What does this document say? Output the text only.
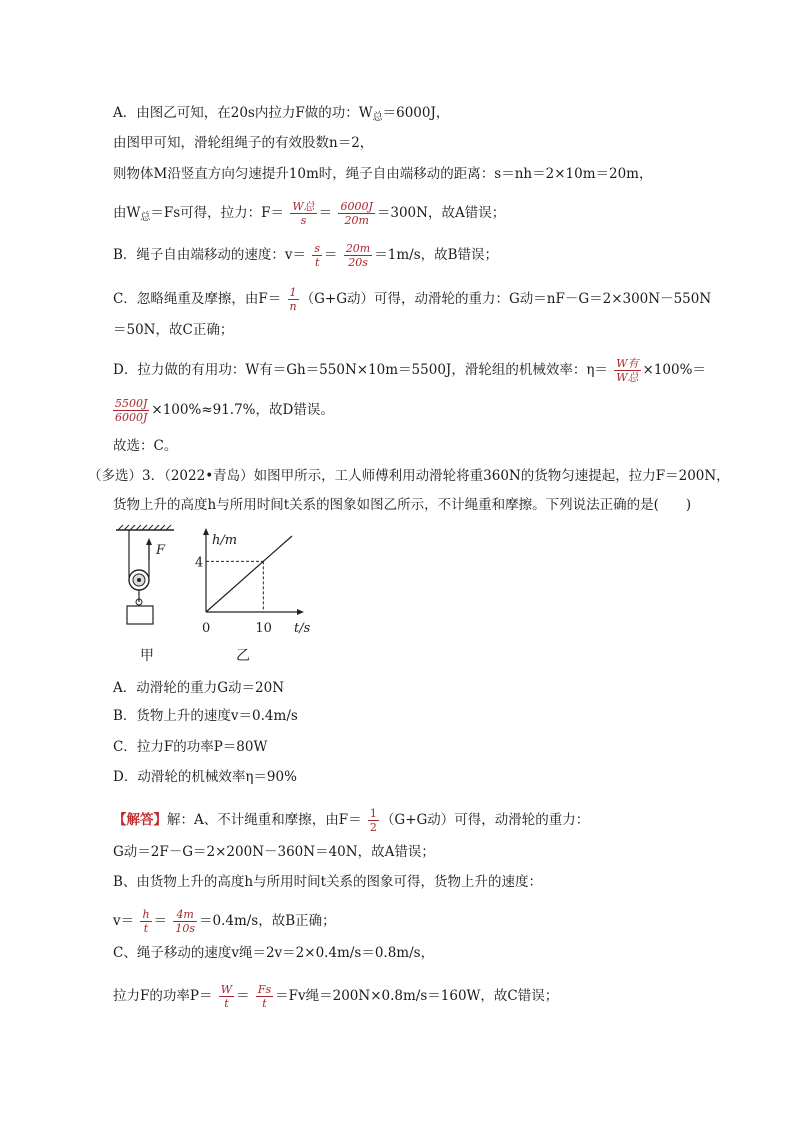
A．由图乙可知，在20s内拉力F做的功：$W_总=6000J$，
由图甲可知，滑轮组绳子的有效股数n＝2，
则物体M沿竖直方向匀速提升10m时，绳子自由端移动的距离：s＝nh＝2×10m＝20m，
由$W_总=Fs$可得，拉力：$F= \frac{\text{W总}}{s} = \frac{6000J}{20m} =300N$，故A错误；
B．绳子自由端移动的速度：$v= \frac{s}{t} = \frac{20m}{20s} =1m/s$，故B错误；
C．忽略绳重及摩擦，由$F= \frac{1}{n} (G+G$动）可得，动滑轮的重力：G动＝nF－G＝2×300N－550N
＝50N，故C正确；
D．拉力做的有用功：W有＝Gh＝550N×10m＝5500J，滑轮组的机械效率：$\eta= \frac{\text{W有}}{\text{W总}} \times 100\%=$
$\frac{5500J}{6000J} \times 100\%\approx 91.7\%$，故D错误。
故选：C。
（多选）3．（2022•青岛）如图甲所示，工人师傅利用动滑轮将重360N的货物匀速提起，拉力F＝200N，
货物上升的高度h与所用时间t关系的图象如图乙所示，不计绳重和摩擦。下列说法正确的是(　　)
F
甲
0	10
4
t/s
h/m
乙
A．动滑轮的重力G动＝20N
B．货物上升的速度v＝0.4m/s
C．拉力F的功率P＝80W
D．动滑轮的机械效率η＝90%
【解答】解：A、不计绳重和摩擦，由$F= \frac{1}{2} (G+G$动）可得，动滑轮的重力：
G动＝2F－G＝2×200N－360N＝40N，故A错误；
B、由货物上升的高度h与所用时间t关系的图象可得，货物上升的速度：
$v= \frac{h}{t} = \frac{4m}{10s} =0.4m/s$，故B正确；
C、绳子移动的速度v绳＝2v＝2×0.4m/s＝0.8m/s，
拉力F的功率$P= \frac{W}{t} = \frac{Fs}{t} =Fv$绳＝200N×0.8m/s＝160W，故C错误；
